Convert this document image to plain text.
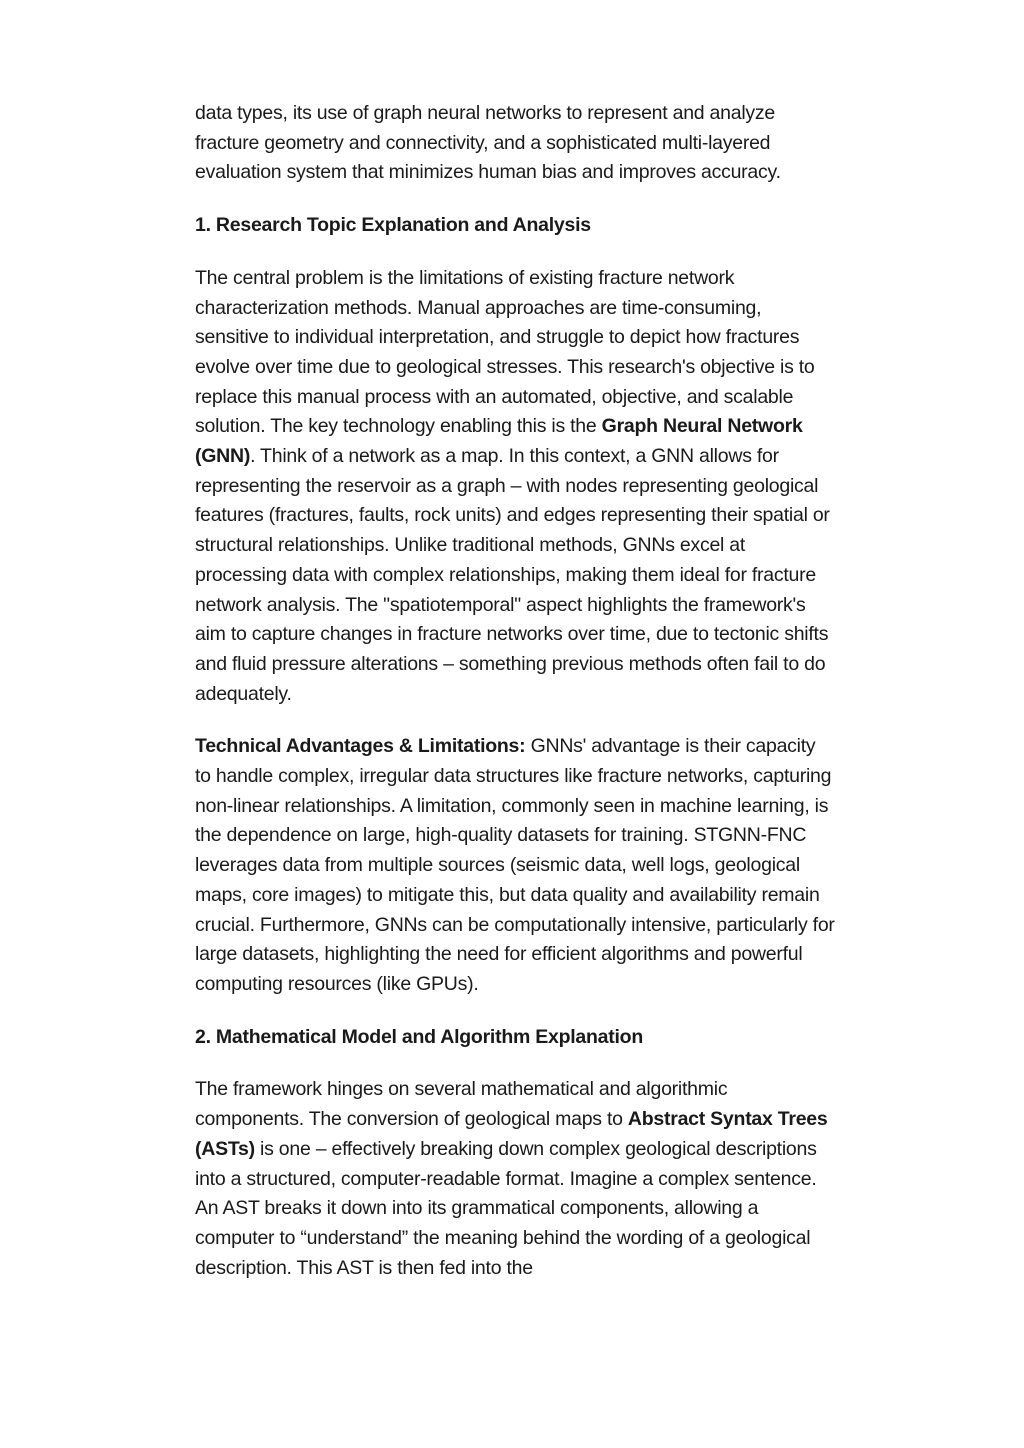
data types, its use of graph neural networks to represent and analyze fracture geometry and connectivity, and a sophisticated multi-layered evaluation system that minimizes human bias and improves accuracy.

1. Research Topic Explanation and Analysis

The central problem is the limitations of existing fracture network characterization methods. Manual approaches are time-consuming, sensitive to individual interpretation, and struggle to depict how fractures evolve over time due to geological stresses. This research's objective is to replace this manual process with an automated, objective, and scalable solution. The key technology enabling this is the Graph Neural Network (GNN). Think of a network as a map. In this context, a GNN allows for representing the reservoir as a graph – with nodes representing geological features (fractures, faults, rock units) and edges representing their spatial or structural relationships. Unlike traditional methods, GNNs excel at processing data with complex relationships, making them ideal for fracture network analysis. The "spatiotemporal" aspect highlights the framework's aim to capture changes in fracture networks over time, due to tectonic shifts and fluid pressure alterations – something previous methods often fail to do adequately.

Technical Advantages & Limitations: GNNs' advantage is their capacity to handle complex, irregular data structures like fracture networks, capturing non-linear relationships. A limitation, commonly seen in machine learning, is the dependence on large, high-quality datasets for training. STGNN-FNC leverages data from multiple sources (seismic data, well logs, geological maps, core images) to mitigate this, but data quality and availability remain crucial. Furthermore, GNNs can be computationally intensive, particularly for large datasets, highlighting the need for efficient algorithms and powerful computing resources (like GPUs).

2. Mathematical Model and Algorithm Explanation

The framework hinges on several mathematical and algorithmic components. The conversion of geological maps to Abstract Syntax Trees (ASTs) is one – effectively breaking down complex geological descriptions into a structured, computer-readable format. Imagine a complex sentence. An AST breaks it down into its grammatical components, allowing a computer to “understand” the meaning behind the wording of a geological description. This AST is then fed into the
